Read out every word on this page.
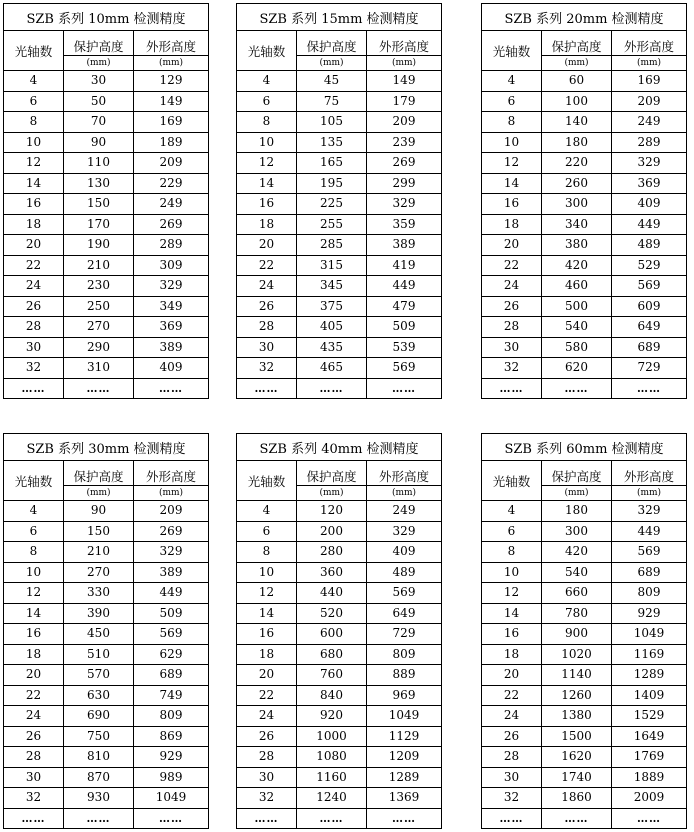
SZB 系列 10mm 检测精度		
光轴数	保护高度	外形高度
	(mm)	(mm)
4	30	129
6	50	149
8	70	169
10	90	189
12	110	209
14	130	229
16	150	249
18	170	269
20	190	289
22	210	309
24	230	329
26	250	349
28	270	369
30	290	389
32	310	409
……	……	……
SZB 系列 15mm 检测精度		
光轴数	保护高度	外形高度
	(mm)	(mm)
4	45	149
6	75	179
8	105	209
10	135	239
12	165	269
14	195	299
16	225	329
18	255	359
20	285	389
22	315	419
24	345	449
26	375	479
28	405	509
30	435	539
32	465	569
……	……	……
SZB 系列 20mm 检测精度		
光轴数	保护高度	外形高度
	(mm)	(mm)
4	60	169
6	100	209
8	140	249
10	180	289
12	220	329
14	260	369
16	300	409
18	340	449
20	380	489
22	420	529
24	460	569
26	500	609
28	540	649
30	580	689
32	620	729
……	……	……
SZB 系列 30mm 检测精度		
光轴数	保护高度	外形高度
	(mm)	(mm)
4	90	209
6	150	269
8	210	329
10	270	389
12	330	449
14	390	509
16	450	569
18	510	629
20	570	689
22	630	749
24	690	809
26	750	869
28	810	929
30	870	989
32	930	1049
……	……	……
SZB 系列 40mm 检测精度		
光轴数	保护高度	外形高度
	(mm)	(mm)
4	120	249
6	200	329
8	280	409
10	360	489
12	440	569
14	520	649
16	600	729
18	680	809
20	760	889
22	840	969
24	920	1049
26	1000	1129
28	1080	1209
30	1160	1289
32	1240	1369
……	……	……
SZB 系列 60mm 检测精度		
光轴数	保护高度	外形高度
	(mm)	(mm)
4	180	329
6	300	449
8	420	569
10	540	689
12	660	809
14	780	929
16	900	1049
18	1020	1169
20	1140	1289
22	1260	1409
24	1380	1529
26	1500	1649
28	1620	1769
30	1740	1889
32	1860	2009
……	……	……
